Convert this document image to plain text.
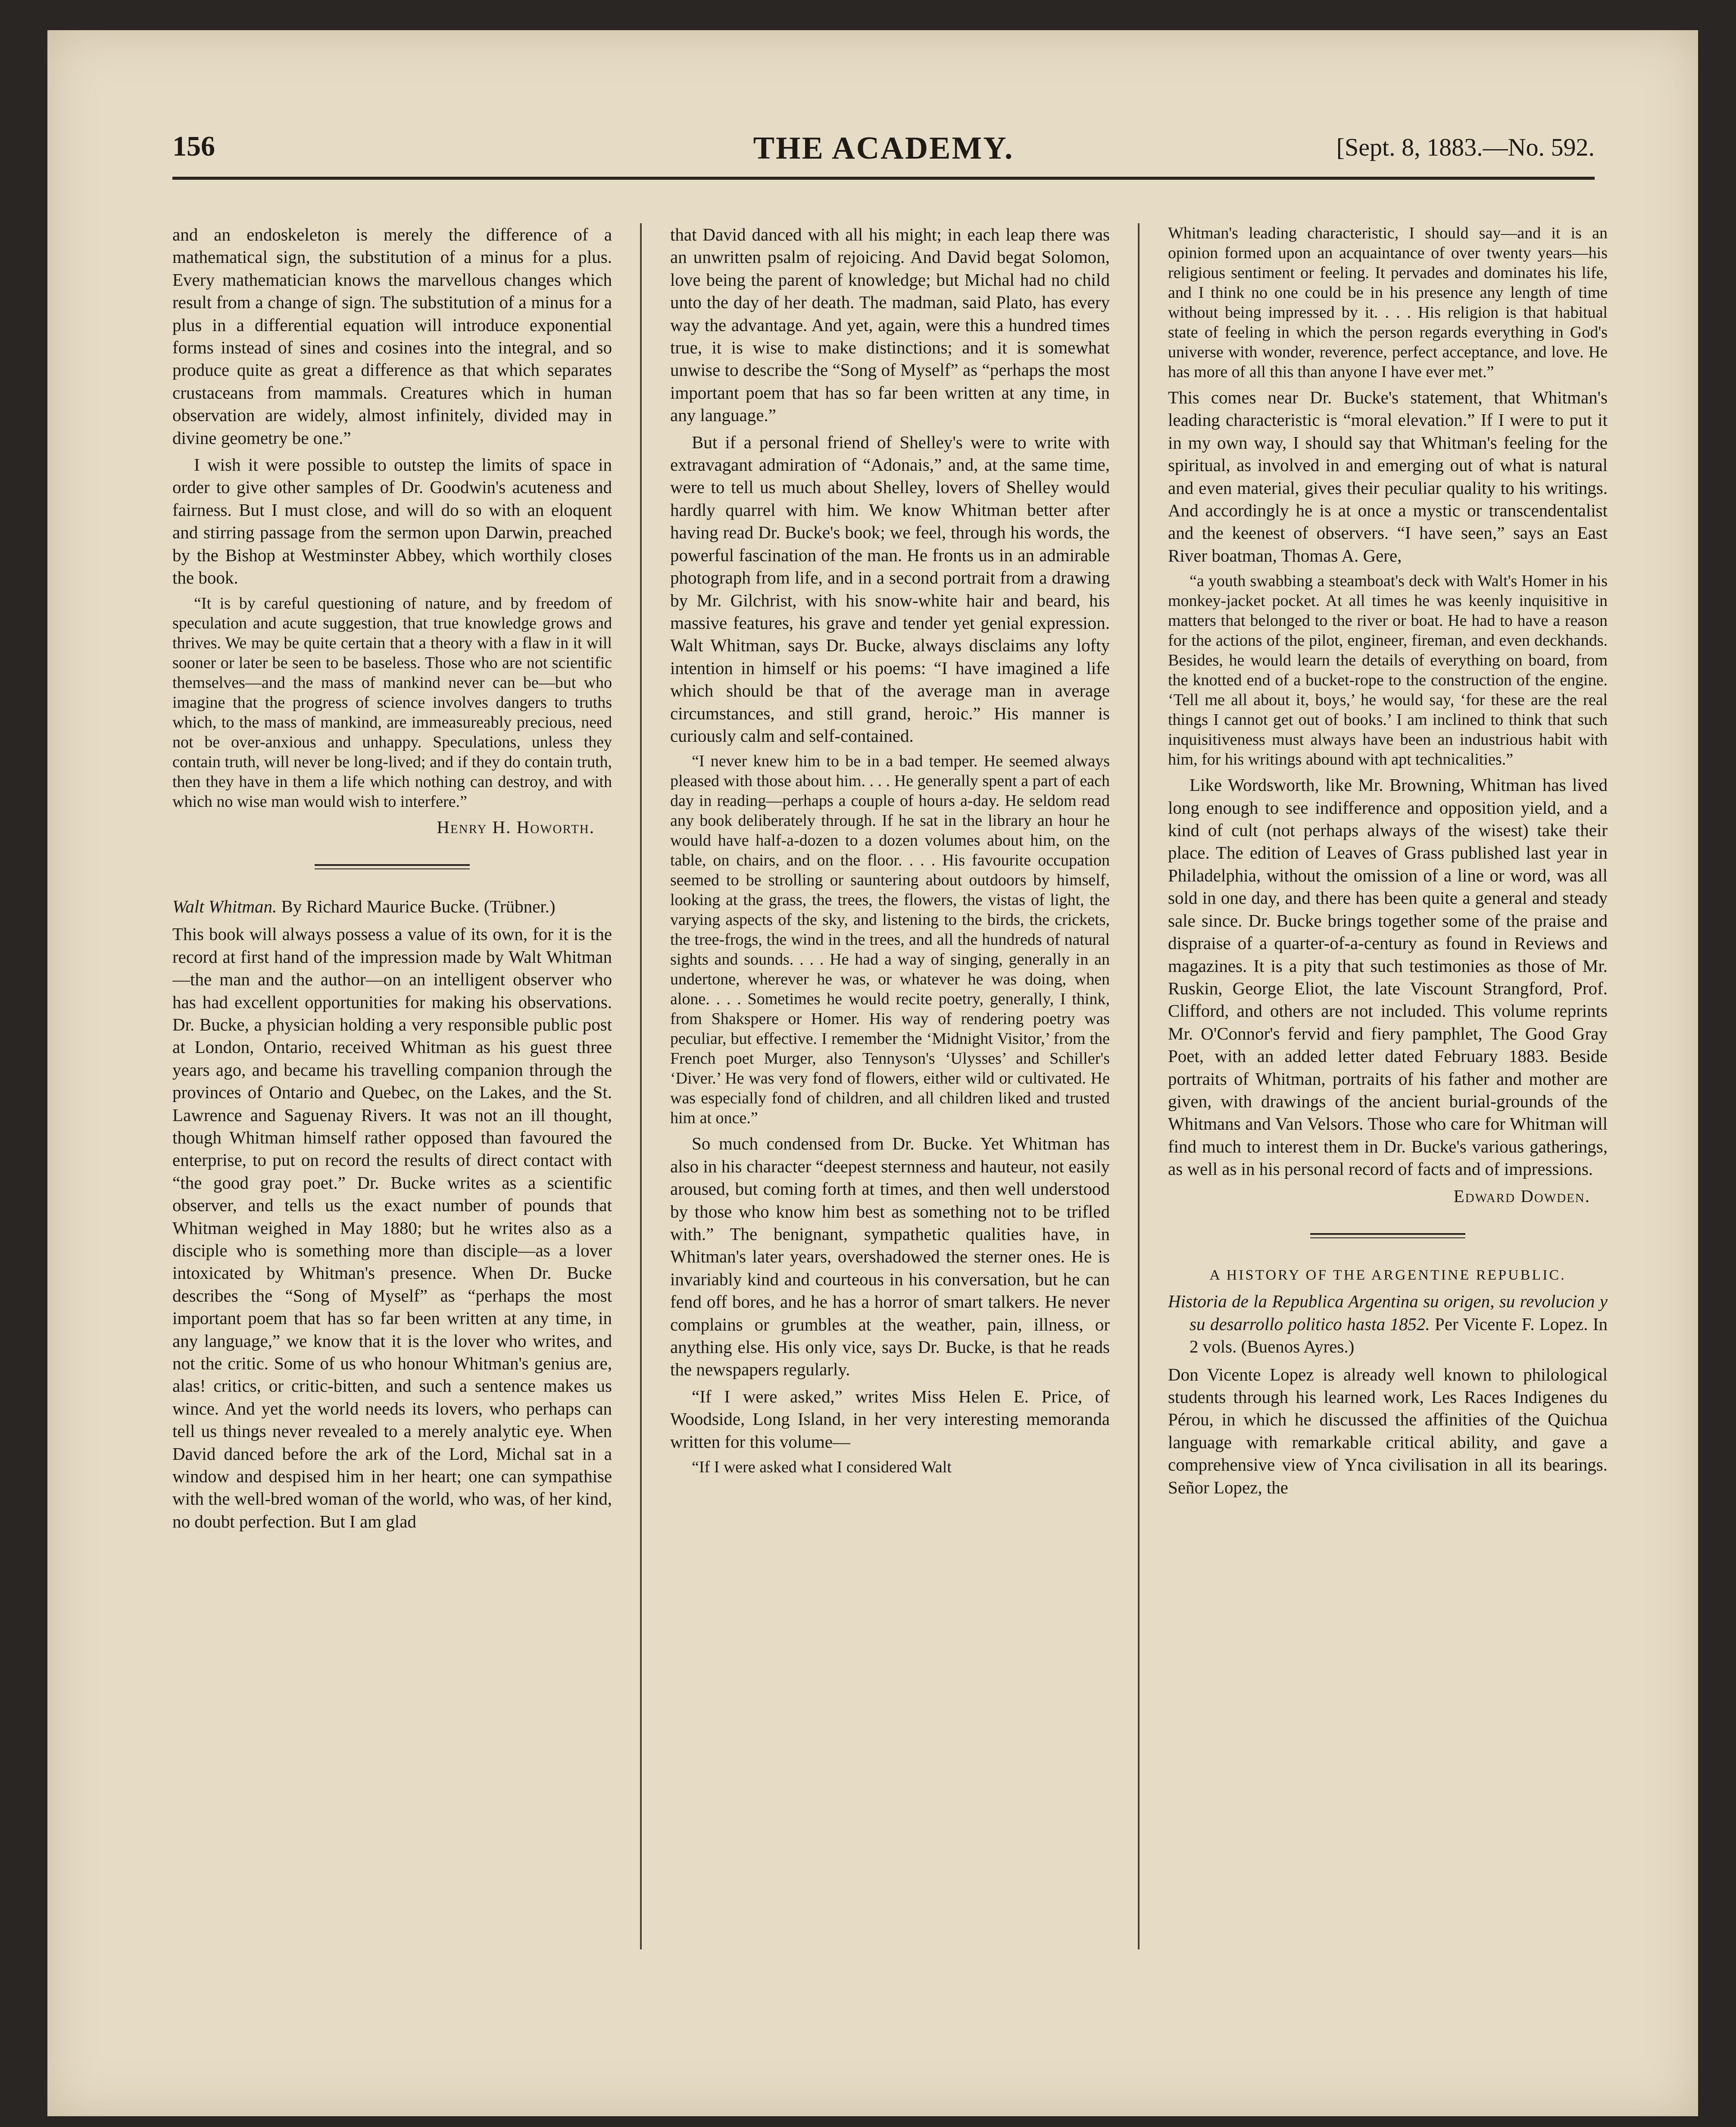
156	THE ACADEMY.	[Sept. 8, 1883.—No. 592.

and an endoskeleton is merely the difference of a mathematical sign, the substitution of a minus for a plus. Every mathematician knows the marvellous changes which result from a change of sign. The substitution of a minus for a plus in a differential equation will introduce exponential forms instead of sines and cosines into the integral, and so produce quite as great a difference as that which separates crustaceans from mammals. Creatures which in human observation are widely, almost infinitely, divided may in divine geometry be one.”

I wish it were possible to outstep the limits of space in order to give other samples of Dr. Goodwin's acuteness and fairness. But I must close, and will do so with an eloquent and stirring passage from the sermon upon Darwin, preached by the Bishop at Westminster Abbey, which worthily closes the book.

“It is by careful questioning of nature, and by freedom of speculation and acute suggestion, that true knowledge grows and thrives. We may be quite certain that a theory with a flaw in it will sooner or later be seen to be baseless. Those who are not scientific themselves—and the mass of mankind never can be—but who imagine that the progress of science involves dangers to truths which, to the mass of mankind, are immeasureably precious, need not be over-anxious and unhappy. Speculations, unless they contain truth, will never be long-lived; and if they do contain truth, then they have in them a life which nothing can destroy, and with which no wise man would wish to interfere.”

Henry H. Howorth.

Walt Whitman. By Richard Maurice Bucke. (Trübner.)

This book will always possess a value of its own, for it is the record at first hand of the impression made by Walt Whitman—the man and the author—on an intelligent observer who has had excellent opportunities for making his observations. Dr. Bucke, a physician holding a very responsible public post at London, Ontario, received Whitman as his guest three years ago, and became his travelling companion through the provinces of Ontario and Quebec, on the Lakes, and the St. Lawrence and Saguenay Rivers. It was not an ill thought, though Whitman himself rather opposed than favoured the enterprise, to put on record the results of direct contact with “the good gray poet.” Dr. Bucke writes as a scientific observer, and tells us the exact number of pounds that Whitman weighed in May 1880; but he writes also as a disciple who is something more than disciple—as a lover intoxicated by Whitman's presence. When Dr. Bucke describes the “Song of Myself” as “perhaps the most important poem that has so far been written at any time, in any language,” we know that it is the lover who writes, and not the critic. Some of us who honour Whitman's genius are, alas! critics, or critic-bitten, and such a sentence makes us wince. And yet the world needs its lovers, who perhaps can tell us things never revealed to a merely analytic eye. When David danced before the ark of the Lord, Michal sat in a window and despised him in her heart; one can sympathise with the well-bred woman of the world, who was, of her kind, no doubt perfection. But I am glad

that David danced with all his might; in each leap there was an unwritten psalm of rejoicing. And David begat Solomon, love being the parent of knowledge; but Michal had no child unto the day of her death. The madman, said Plato, has every way the advantage. And yet, again, were this a hundred times true, it is wise to make distinctions; and it is somewhat unwise to describe the “Song of Myself” as “perhaps the most important poem that has so far been written at any time, in any language.”

But if a personal friend of Shelley's were to write with extravagant admiration of “Adonais,” and, at the same time, were to tell us much about Shelley, lovers of Shelley would hardly quarrel with him. We know Whitman better after having read Dr. Bucke's book; we feel, through his words, the powerful fascination of the man. He fronts us in an admirable photograph from life, and in a second portrait from a drawing by Mr. Gilchrist, with his snow-white hair and beard, his massive features, his grave and tender yet genial expression. Walt Whitman, says Dr. Bucke, always disclaims any lofty intention in himself or his poems: “I have imagined a life which should be that of the average man in average circumstances, and still grand, heroic.” His manner is curiously calm and self-contained.

“I never knew him to be in a bad temper. He seemed always pleased with those about him. . . . He generally spent a part of each day in reading—perhaps a couple of hours a-day. He seldom read any book deliberately through. If he sat in the library an hour he would have half-a-dozen to a dozen volumes about him, on the table, on chairs, and on the floor. . . . His favourite occupation seemed to be strolling or sauntering about outdoors by himself, looking at the grass, the trees, the flowers, the vistas of light, the varying aspects of the sky, and listening to the birds, the crickets, the tree-frogs, the wind in the trees, and all the hundreds of natural sights and sounds. . . . He had a way of singing, generally in an undertone, wherever he was, or whatever he was doing, when alone. . . . Sometimes he would recite poetry, generally, I think, from Shakspere or Homer. His way of rendering poetry was peculiar, but effective. I remember the ‘Midnight Visitor,’ from the French poet Murger, also Tennyson's ‘Ulysses’ and Schiller's ‘Diver.’ He was very fond of flowers, either wild or cultivated. He was especially fond of children, and all children liked and trusted him at once.”

So much condensed from Dr. Bucke. Yet Whitman has also in his character “deepest sternness and hauteur, not easily aroused, but coming forth at times, and then well understood by those who know him best as something not to be trifled with.” The benignant, sympathetic qualities have, in Whitman's later years, overshadowed the sterner ones. He is invariably kind and courteous in his conversation, but he can fend off bores, and he has a horror of smart talkers. He never complains or grumbles at the weather, pain, illness, or anything else. His only vice, says Dr. Bucke, is that he reads the newspapers regularly.

“If I were asked,” writes Miss Helen E. Price, of Woodside, Long Island, in her very interesting memoranda written for this volume—

“If I were asked what I considered Walt

Whitman's leading characteristic, I should say—and it is an opinion formed upon an acquaintance of over twenty years—his religious sentiment or feeling. It pervades and dominates his life, and I think no one could be in his presence any length of time without being impressed by it. . . . His religion is that habitual state of feeling in which the person regards everything in God's universe with wonder, reverence, perfect acceptance, and love. He has more of all this than anyone I have ever met.”

This comes near Dr. Bucke's statement, that Whitman's leading characteristic is “moral elevation.” If I were to put it in my own way, I should say that Whitman's feeling for the spiritual, as involved in and emerging out of what is natural and even material, gives their peculiar quality to his writings. And accordingly he is at once a mystic or transcendentalist and the keenest of observers. “I have seen,” says an East River boatman, Thomas A. Gere,

“a youth swabbing a steamboat's deck with Walt's Homer in his monkey-jacket pocket. At all times he was keenly inquisitive in matters that belonged to the river or boat. He had to have a reason for the actions of the pilot, engineer, fireman, and even deckhands. Besides, he would learn the details of everything on board, from the knotted end of a bucket-rope to the construction of the engine. ‘Tell me all about it, boys,’ he would say, ‘for these are the real things I cannot get out of books.’ I am inclined to think that such inquisitiveness must always have been an industrious habit with him, for his writings abound with apt technicalities.”

Like Wordsworth, like Mr. Browning, Whitman has lived long enough to see indifference and opposition yield, and a kind of cult (not perhaps always of the wisest) take their place. The edition of Leaves of Grass published last year in Philadelphia, without the omission of a line or word, was all sold in one day, and there has been quite a general and steady sale since. Dr. Bucke brings together some of the praise and dispraise of a quarter-of-a-century as found in Reviews and magazines. It is a pity that such testimonies as those of Mr. Ruskin, George Eliot, the late Viscount Strangford, Prof. Clifford, and others are not included. This volume reprints Mr. O'Connor's fervid and fiery pamphlet, The Good Gray Poet, with an added letter dated February 1883. Beside portraits of Whitman, portraits of his father and mother are given, with drawings of the ancient burial-grounds of the Whitmans and Van Velsors. Those who care for Whitman will find much to interest them in Dr. Bucke's various gatherings, as well as in his personal record of facts and of impressions.

Edward Dowden.

A HISTORY OF THE ARGENTINE REPUBLIC.

Historia de la Republica Argentina su origen, su revolucion y su desarrollo politico hasta 1852. Per Vicente F. Lopez. In 2 vols. (Buenos Ayres.)

Don Vicente Lopez is already well known to philological students through his learned work, Les Races Indigenes du Pérou, in which he discussed the affinities of the Quichua language with remarkable critical ability, and gave a comprehensive view of Ynca civilisation in all its bearings. Señor Lopez, the
